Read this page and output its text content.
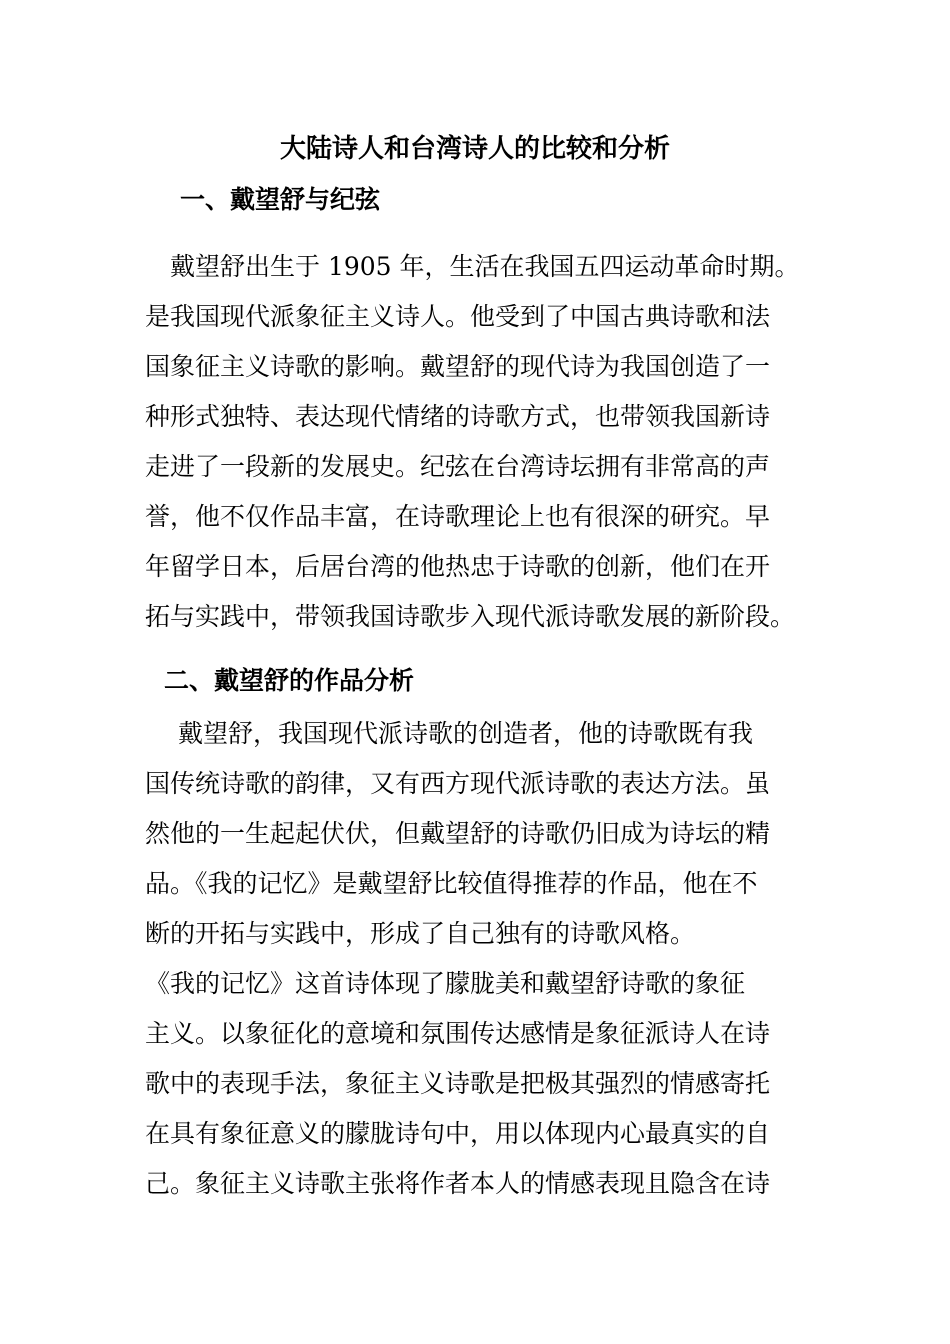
大陆诗人和台湾诗人的比较和分析
一、戴望舒与纪弦

　戴望舒出生于 1905 年，生活在我国五四运动革命时期。
是我国现代派象征主义诗人。他受到了中国古典诗歌和法
国象征主义诗歌的影响。戴望舒的现代诗为我国创造了一
种形式独特、表达现代情绪的诗歌方式，也带领我国新诗
走进了一段新的发展史。纪弦在台湾诗坛拥有非常高的声
誉，他不仅作品丰富，在诗歌理论上也有很深的研究。早
年留学日本，后居台湾的他热忠于诗歌的创新，他们在开
拓与实践中，带领我国诗歌步入现代派诗歌发展的新阶段。

二、戴望舒的作品分析

　 戴望舒，我国现代派诗歌的创造者，他的诗歌既有我
国传统诗歌的韵律，又有西方现代派诗歌的表达方法。虽
然他的一生起起伏伏，但戴望舒的诗歌仍旧成为诗坛的精
品。《我的记忆》是戴望舒比较值得推荐的作品，他在不
断的开拓与实践中，形成了自己独有的诗歌风格。

《我的记忆》这首诗体现了朦胧美和戴望舒诗歌的象征
主义。以象征化的意境和氛围传达感情是象征派诗人在诗
歌中的表现手法，象征主义诗歌是把极其强烈的情感寄托
在具有象征意义的朦胧诗句中，用以体现内心最真实的自
己。象征主义诗歌主张将作者本人的情感表现且隐含在诗
